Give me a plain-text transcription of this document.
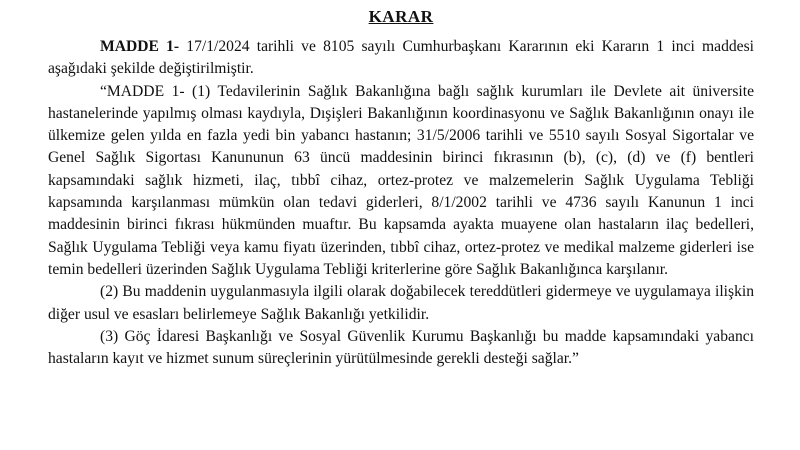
KARAR

MADDE 1- 17/1/2024 tarihli ve 8105 sayılı Cumhurbaşkanı Kararının eki Kararın 1 inci maddesi aşağıdaki şekilde değiştirilmiştir.

“MADDE 1- (1) Tedavilerinin Sağlık Bakanlığına bağlı sağlık kurumları ile Devlete ait üniversite hastanelerinde yapılmış olması kaydıyla, Dışişleri Bakanlığının koordinasyonu ve Sağlık Bakanlığının onayı ile ülkemize gelen yılda en fazla yedi bin yabancı hastanın; 31/5/2006 tarihli ve 5510 sayılı Sosyal Sigortalar ve Genel Sağlık Sigortası Kanununun 63 üncü maddesinin birinci fıkrasının (b), (c), (d) ve (f) bentleri kapsamındaki sağlık hizmeti, ilaç, tıbbî cihaz, ortez-protez ve malzemelerin Sağlık Uygulama Tebliği kapsamında karşılanması mümkün olan tedavi giderleri, 8/1/2002 tarihli ve 4736 sayılı Kanunun 1 inci maddesinin birinci fıkrası hükmünden muaftır. Bu kapsamda ayakta muayene olan hastaların ilaç bedelleri, Sağlık Uygulama Tebliği veya kamu fiyatı üzerinden, tıbbî cihaz, ortez-protez ve medikal malzeme giderleri ise temin bedelleri üzerinden Sağlık Uygulama Tebliği kriterlerine göre Sağlık Bakanlığınca karşılanır.

(2) Bu maddenin uygulanmasıyla ilgili olarak doğabilecek tereddütleri gidermeye ve uygulamaya ilişkin diğer usul ve esasları belirlemeye Sağlık Bakanlığı yetkilidir.

(3) Göç İdaresi Başkanlığı ve Sosyal Güvenlik Kurumu Başkanlığı bu madde kapsamındaki yabancı hastaların kayıt ve hizmet sunum süreçlerinin yürütülmesinde gerekli desteği sağlar.”
